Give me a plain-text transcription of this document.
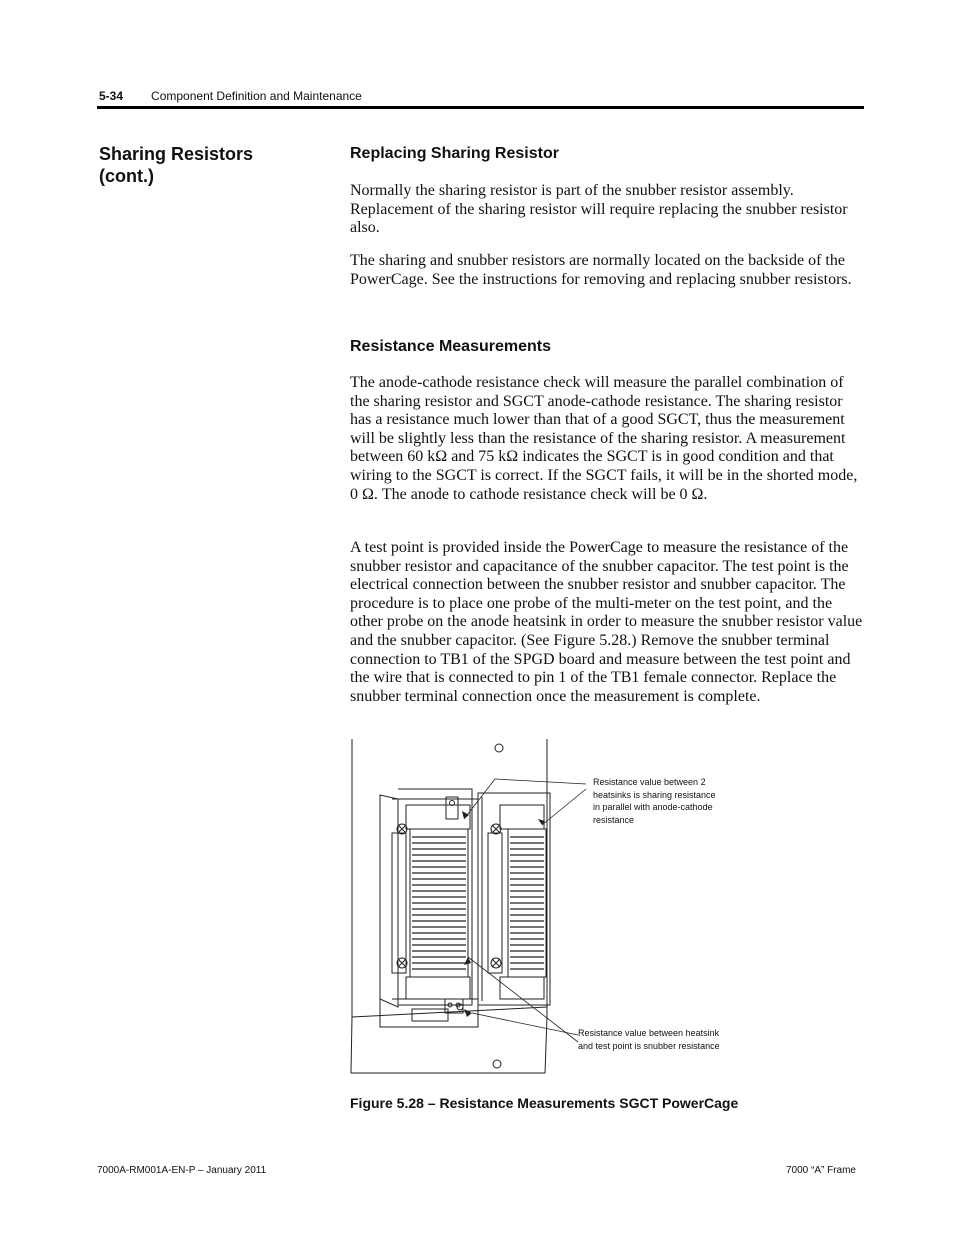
5-34 Component Definition and Maintenance
Sharing Resistors (cont.)
Replacing Sharing Resistor
Normally the sharing resistor is part of the snubber resistor assembly. Replacement of the sharing resistor will require replacing the snubber resistor also.
The sharing and snubber resistors are normally located on the backside of the PowerCage. See the instructions for removing and replacing snubber resistors.
Resistance Measurements
The anode-cathode resistance check will measure the parallel combination of the sharing resistor and SGCT anode-cathode resistance. The sharing resistor has a resistance much lower than that of a good SGCT, thus the measurement will be slightly less than the resistance of the sharing resistor. A measurement between 60 kΩ and 75 kΩ indicates the SGCT is in good condition and that wiring to the SGCT is correct. If the SGCT fails, it will be in the shorted mode, 0 Ω. The anode to cathode resistance check will be 0 Ω.
A test point is provided inside the PowerCage to measure the resistance of the snubber resistor and capacitance of the snubber capacitor. The test point is the electrical connection between the snubber resistor and snubber capacitor. The procedure is to place one probe of the multi-meter on the test point, and the other probe on the anode heatsink in order to measure the snubber resistor value and the snubber capacitor. (See Figure 5.28.) Remove the snubber terminal connection to TB1 of the SPGD board and measure between the test point and the wire that is connected to pin 1 of the TB1 female connector. Replace the snubber terminal connection once the measurement is complete.
Resistance value between 2 heatsinks is sharing resistance in parallel with anode-cathode resistance
Resistance value between heatsink and test point is snubber resistance
Figure 5.28 – Resistance Measurements SGCT PowerCage
7000A-RM001A-EN-P – January 2011	7000 “A” Frame
